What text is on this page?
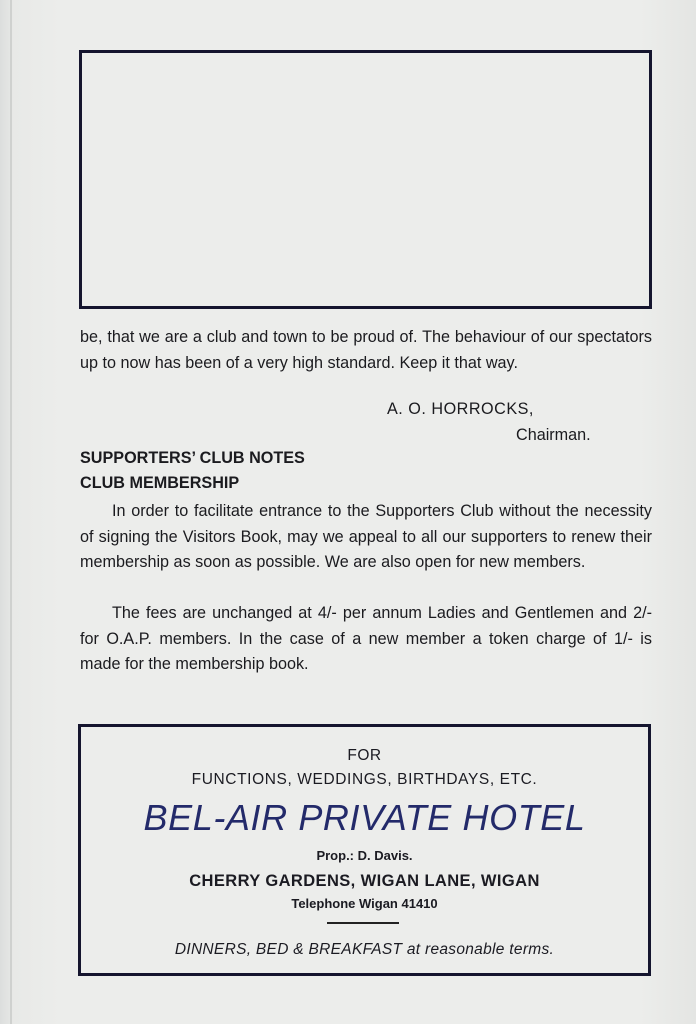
be, that we are a club and town to be proud of. The behaviour of our spectators up to now has been of a very high standard. Keep it that way.
A. O. HORROCKS,
Chairman.
SUPPORTERS’ CLUB NOTES
CLUB MEMBERSHIP
In order to facilitate entrance to the Supporters Club without the necessity of signing the Visitors Book, may we appeal to all our supporters to renew their membership as soon as possible. We are also open for new members.
The fees are unchanged at 4/- per annum Ladies and Gentlemen and 2/- for O.A.P. members. In the case of a new member a token charge of 1/- is made for the membership book.
FOR
FUNCTIONS, WEDDINGS, BIRTHDAYS, ETC.
BEL-AIR PRIVATE HOTEL
Prop.: D. Davis.
CHERRY GARDENS, WIGAN LANE, WIGAN
Telephone Wigan 41410
DINNERS, BED & BREAKFAST at reasonable terms.
